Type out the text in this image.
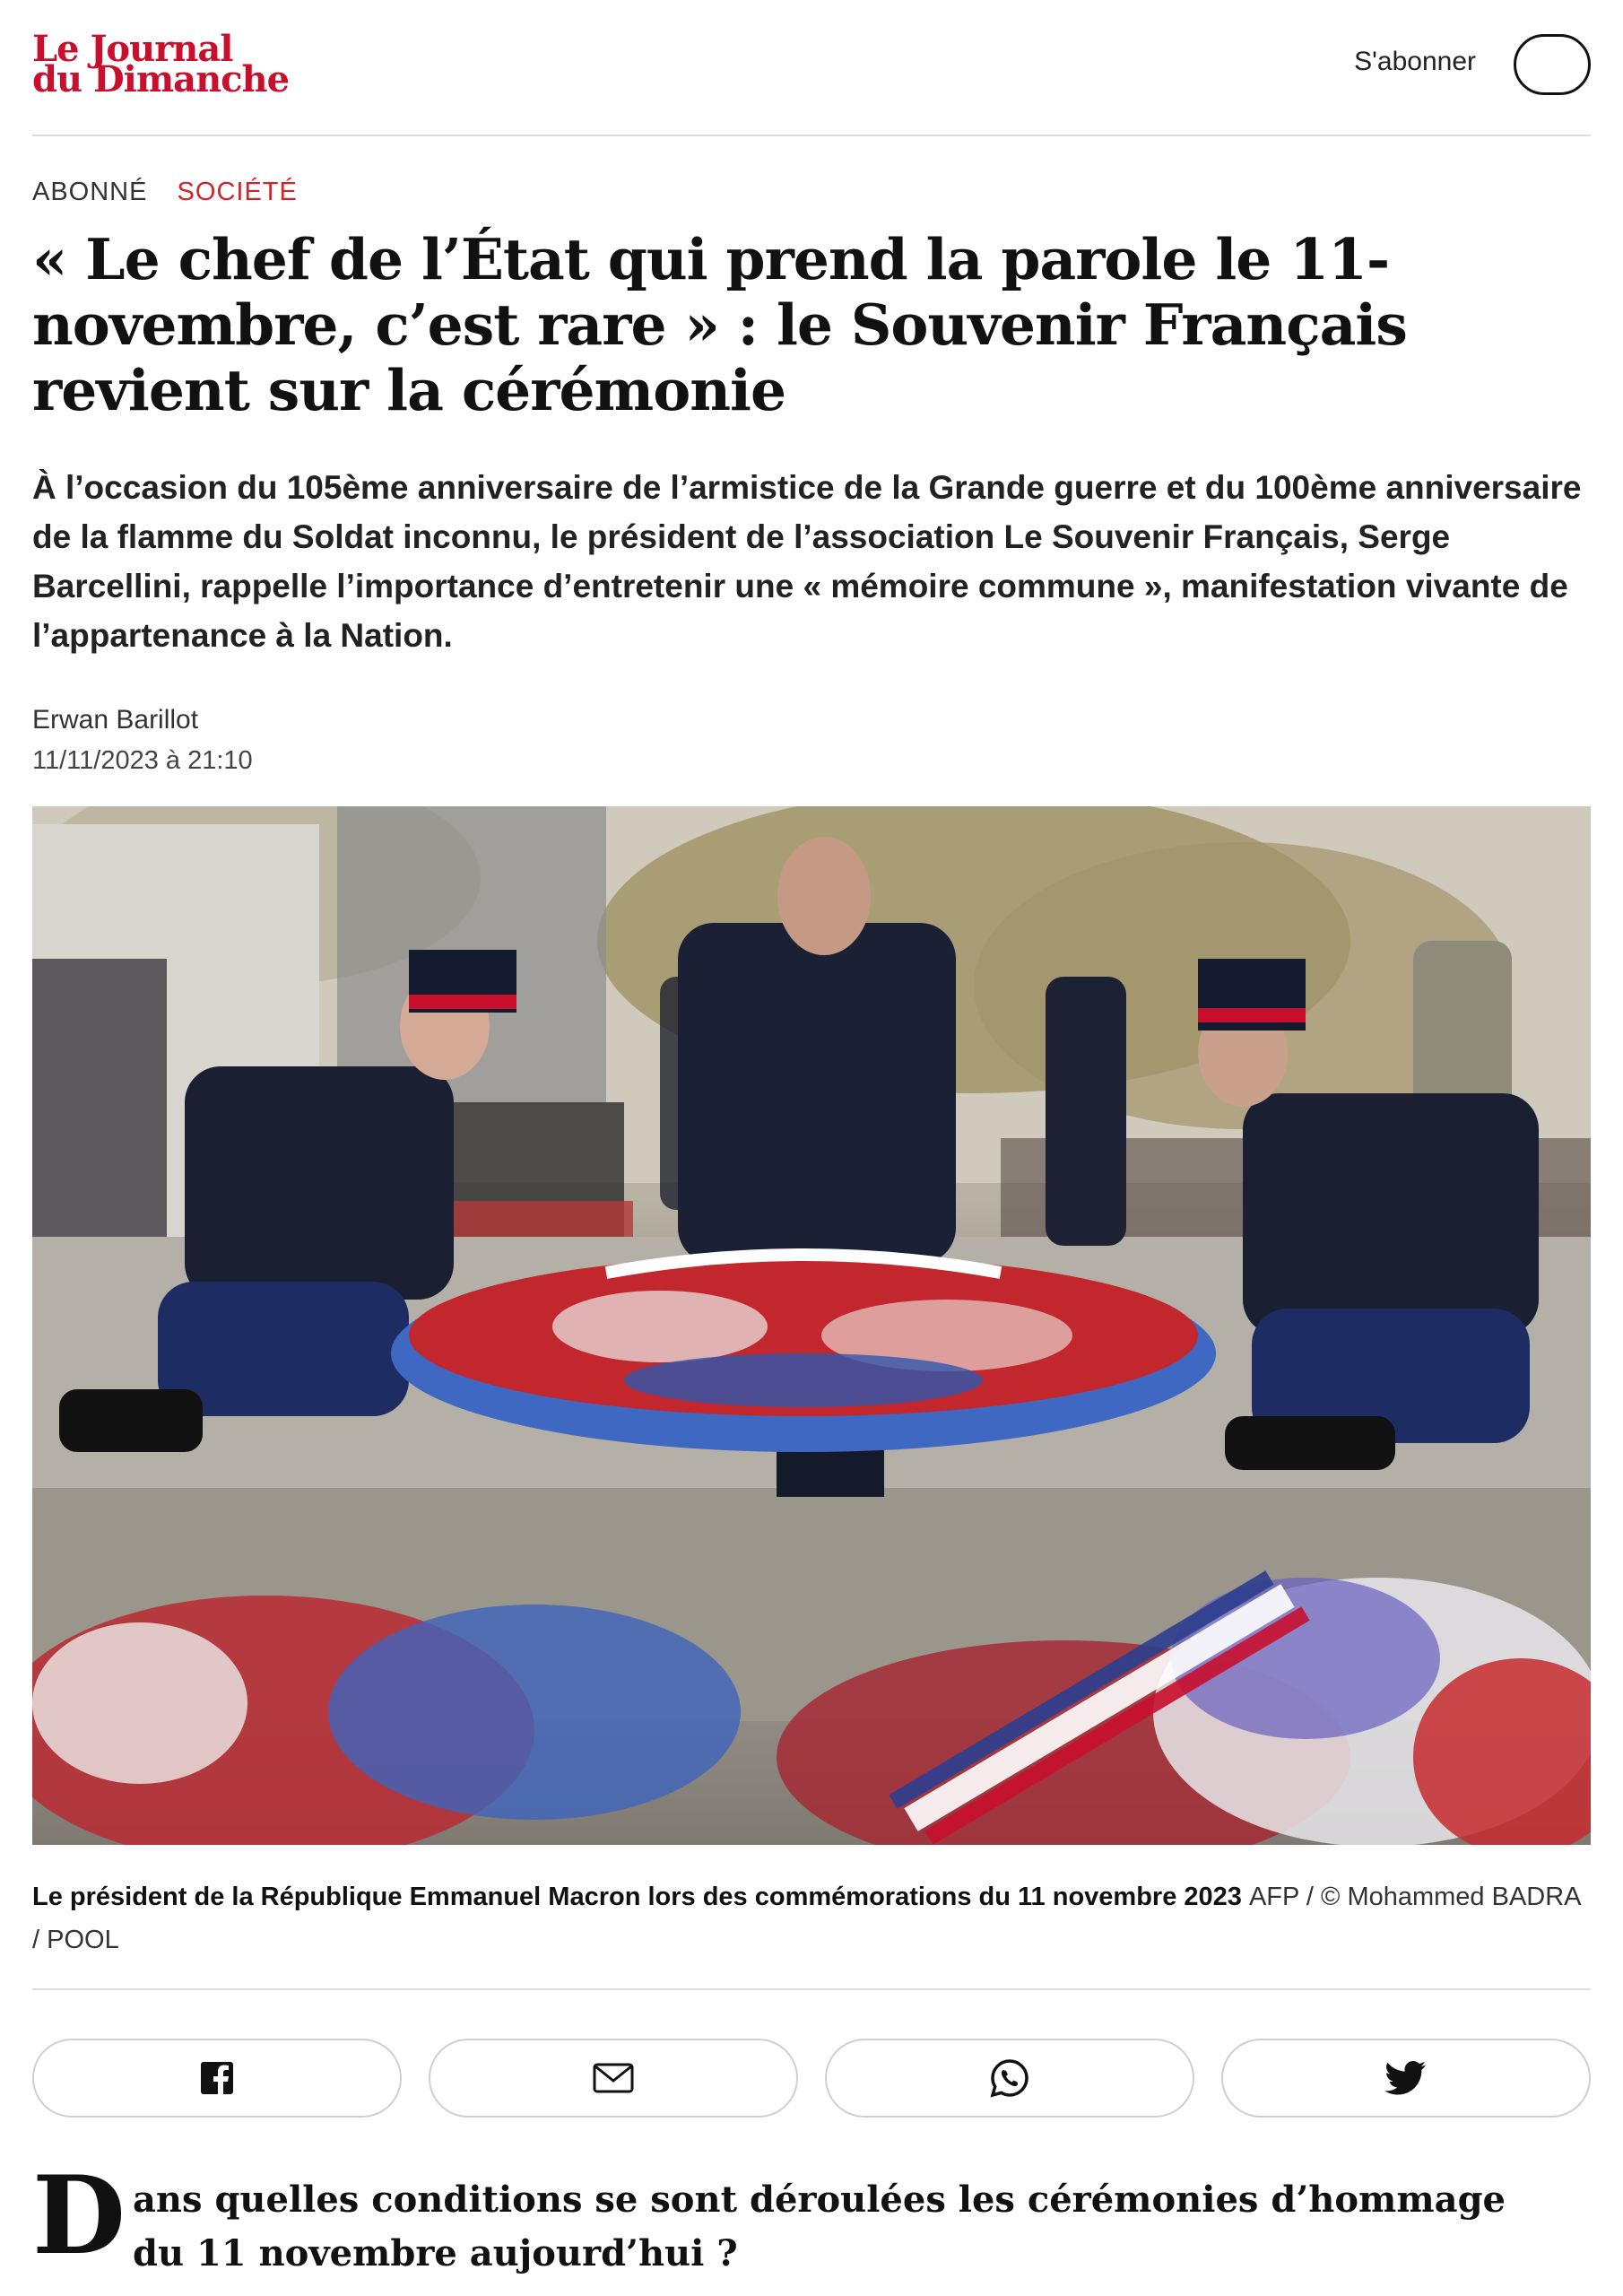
Le Journal
du Dimanche	S'abonner
ABONNÉ SOCIÉTÉ
« Le chef de l’État qui prend la parole le 11-novembre, c’est rare » : le Souvenir Français revient sur la cérémonie
À l’occasion du 105ème anniversaire de l’armistice de la Grande guerre et du 100ème anniversaire de la flamme du Soldat inconnu, le président de l’association Le Souvenir Français, Serge Barcellini, rappelle l’importance d’entretenir une « mémoire commune », manifestation vivante de l’appartenance à la Nation.
Erwan Barillot
11/11/2023 à 21:10
Le président de la République Emmanuel Macron lors des commémorations du 11 novembre 2023 AFP / © Mohammed BADRA / POOL
D ans quelles conditions se sont déroulées les cérémonies d’hommage du 11 novembre aujourd’hui ?
